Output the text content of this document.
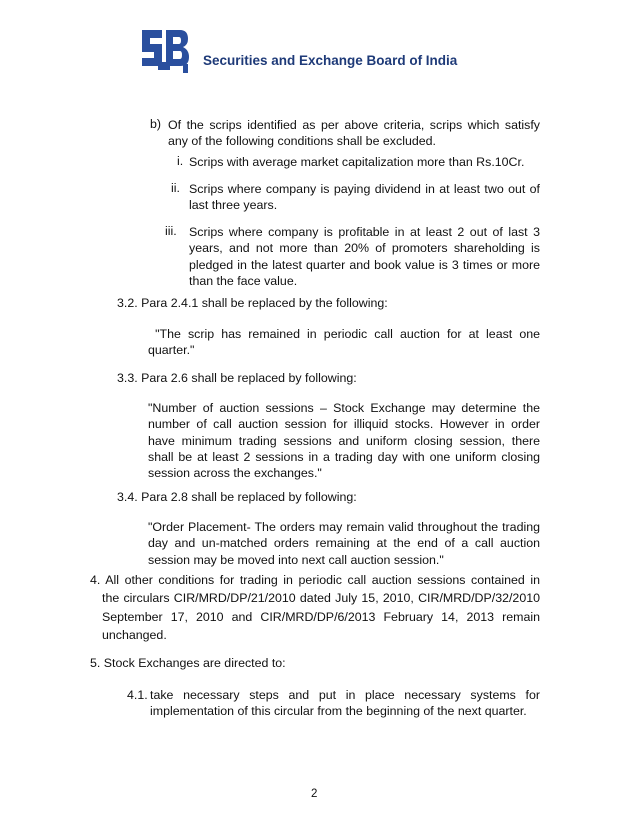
Securities and Exchange Board of India
b) Of the scrips identified as per above criteria, scrips which satisfy
any of the following conditions shall be excluded.
i. Scrips with average market capitalization more than Rs.10Cr.
ii. Scrips where company is paying dividend in at least two out of
last three years.
iii. Scrips where company is profitable in at least 2 out of last 3
years, and not more than 20% of promoters shareholding is
pledged in the latest quarter and book value is 3 times or more
than the face value.
3.2. Para 2.4.1 shall be replaced by the following:
"The scrip has remained in periodic call auction for at least one
quarter."
3.3. Para 2.6 shall be replaced by following:
"Number of auction sessions – Stock Exchange may determine the
number of call auction session for illiquid stocks. However in order
have minimum trading sessions and uniform closing session, there
shall be at least 2 sessions in a trading day with one uniform closing
session across the exchanges."
3.4. Para 2.8 shall be replaced by following:
"Order Placement- The orders may remain valid throughout the trading
day and un-matched orders remaining at the end of a call auction
session may be moved into next call auction session."
4. All other conditions for trading in periodic call auction sessions contained in
the circulars CIR/MRD/DP/21/2010 dated July 15, 2010, CIR/MRD/DP/32/2010
September 17, 2010 and CIR/MRD/DP/6/2013 February 14, 2013 remain
unchanged.
5. Stock Exchanges are directed to:
4.1. take necessary steps and put in place necessary systems for
implementation of this circular from the beginning of the next quarter.
2
